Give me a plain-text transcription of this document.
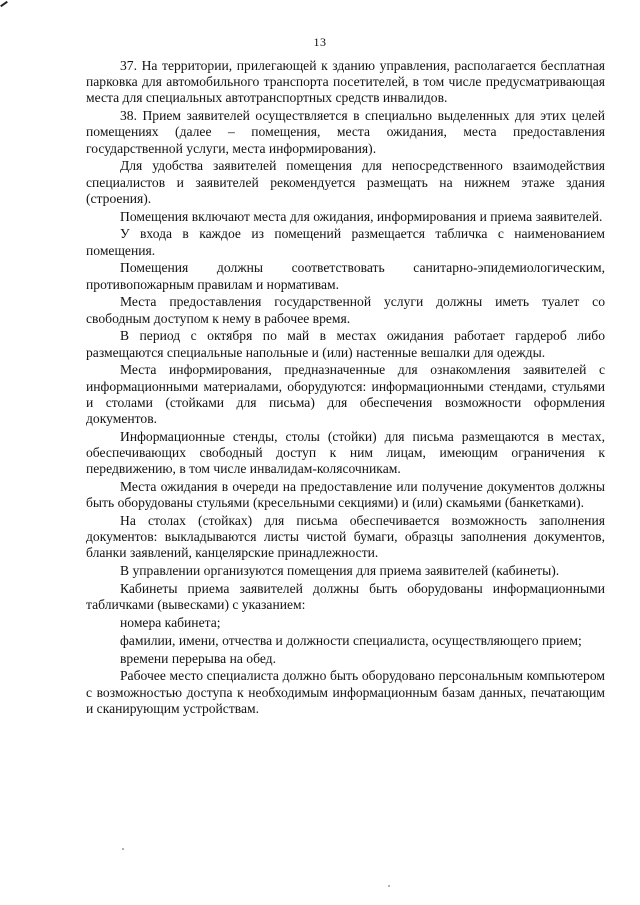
13

37. На территории, прилегающей к зданию управления, располагается бесплатная парковка для автомобильного транспорта посетителей, в том числе предусматривающая места для специальных автотранспортных средств инвалидов.

38. Прием заявителей осуществляется в специально выделенных для этих целей помещениях (далее – помещения, места ожидания, места предоставления государственной услуги, места информирования).

Для удобства заявителей помещения для непосредственного взаимодействия специалистов и заявителей рекомендуется размещать на нижнем этаже здания (строения).

Помещения включают места для ожидания, информирования и приема заявителей.

У входа в каждое из помещений размещается табличка с наименованием помещения.

Помещения должны соответствовать санитарно-эпидемиологическим, противопожарным правилам и нормативам.

Места предоставления государственной услуги должны иметь туалет со свободным доступом к нему в рабочее время.

В период с октября по май в местах ожидания работает гардероб либо размещаются специальные напольные и (или) настенные вешалки для одежды.

Места информирования, предназначенные для ознакомления заявителей с информационными материалами, оборудуются: информационными стендами, стульями и столами (стойками для письма) для обеспечения возможности оформления документов.

Информационные стенды, столы (стойки) для письма размещаются в местах, обеспечивающих свободный доступ к ним лицам, имеющим ограничения к передвижению, в том числе инвалидам-колясочникам.

Места ожидания в очереди на предоставление или получение документов должны быть оборудованы стульями (кресельными секциями) и (или) скамьями (банкетками).

На столах (стойках) для письма обеспечивается возможность заполнения документов: выкладываются листы чистой бумаги, образцы заполнения документов, бланки заявлений, канцелярские принадлежности.

В управлении организуются помещения для приема заявителей (кабинеты).

Кабинеты приема заявителей должны быть оборудованы информационными табличками (вывесками) с указанием:

номера кабинета;

фамилии, имени, отчества и должности специалиста, осуществляющего прием;

времени перерыва на обед.

Рабочее место специалиста должно быть оборудовано персональным компьютером с возможностью доступа к необходимым информационным базам данных, печатающим и сканирующим устройствам.
